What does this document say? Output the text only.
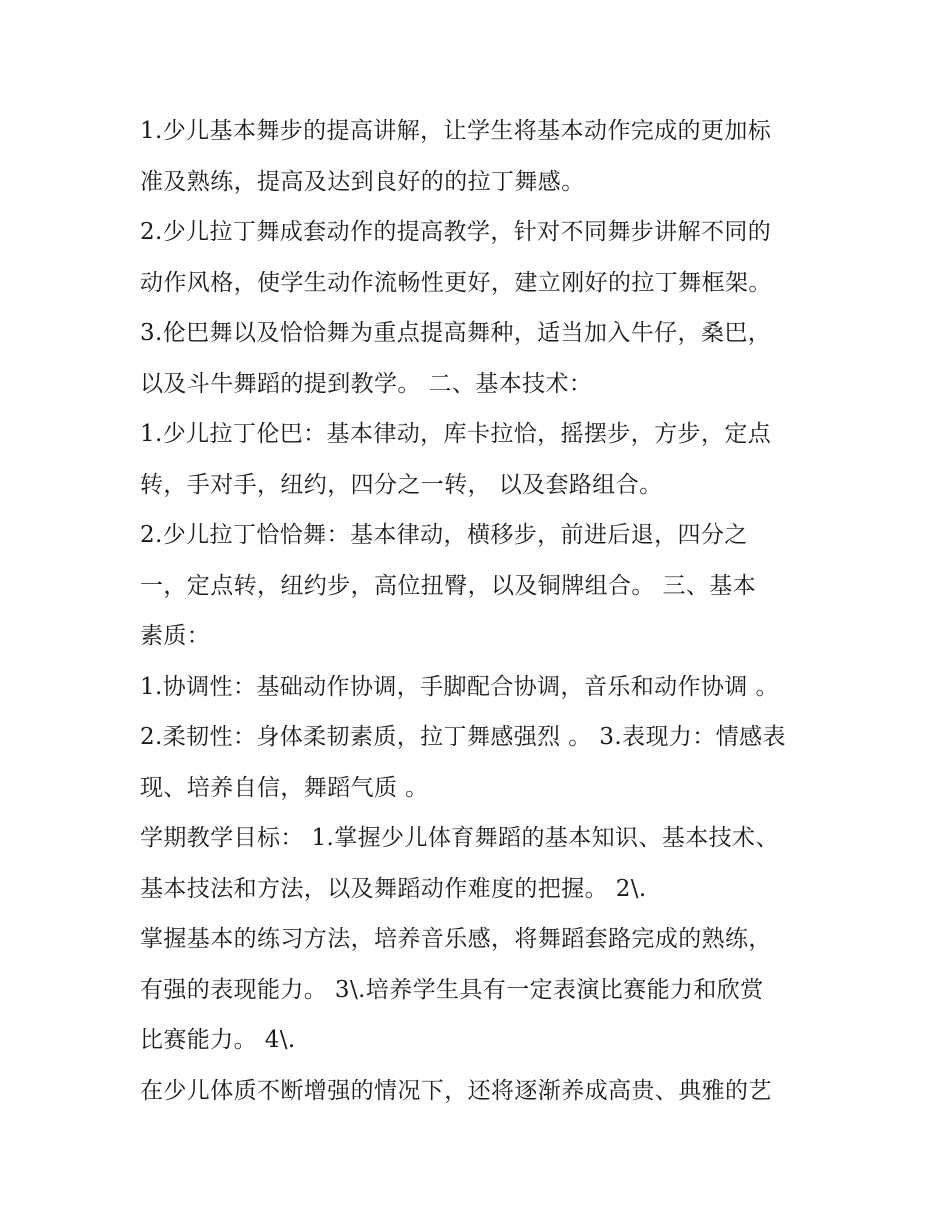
1.少儿基本舞步的提高讲解，让学生将基本动作完成的更加标
准及熟练，提高及达到良好的的拉丁舞感。
2.少儿拉丁舞成套动作的提高教学，针对不同舞步讲解不同的
动作风格，使学生动作流畅性更好，建立刚好的拉丁舞框架。
3.伦巴舞以及恰恰舞为重点提高舞种，适当加入牛仔，桑巴，
以及斗牛舞蹈的提到教学。 二、基本技术：
1.少儿拉丁伦巴：基本律动，库卡拉恰，摇摆步，方步，定点
转，手对手，纽约，四分之一转， 以及套路组合。
2.少儿拉丁恰恰舞：基本律动，横移步，前进后退，四分之
一，定点转，纽约步，高位扭臀，以及铜牌组合。 三、基本
素质：
1.协调性：基础动作协调，手脚配合协调，音乐和动作协调 。
2.柔韧性：身体柔韧素质，拉丁舞感强烈 。 3.表现力：情感表
现、培养自信，舞蹈气质 。
学期教学目标： 1.掌握少儿体育舞蹈的基本知识、基本技术、
基本技法和方法，以及舞蹈动作难度的把握。 2\.
掌握基本的练习方法，培养音乐感，将舞蹈套路完成的熟练，
有强的表现能力。 3\.培养学生具有一定表演比赛能力和欣赏
比赛能力。 4\.
在少儿体质不断增强的情况下，还将逐渐养成高贵、典雅的艺
